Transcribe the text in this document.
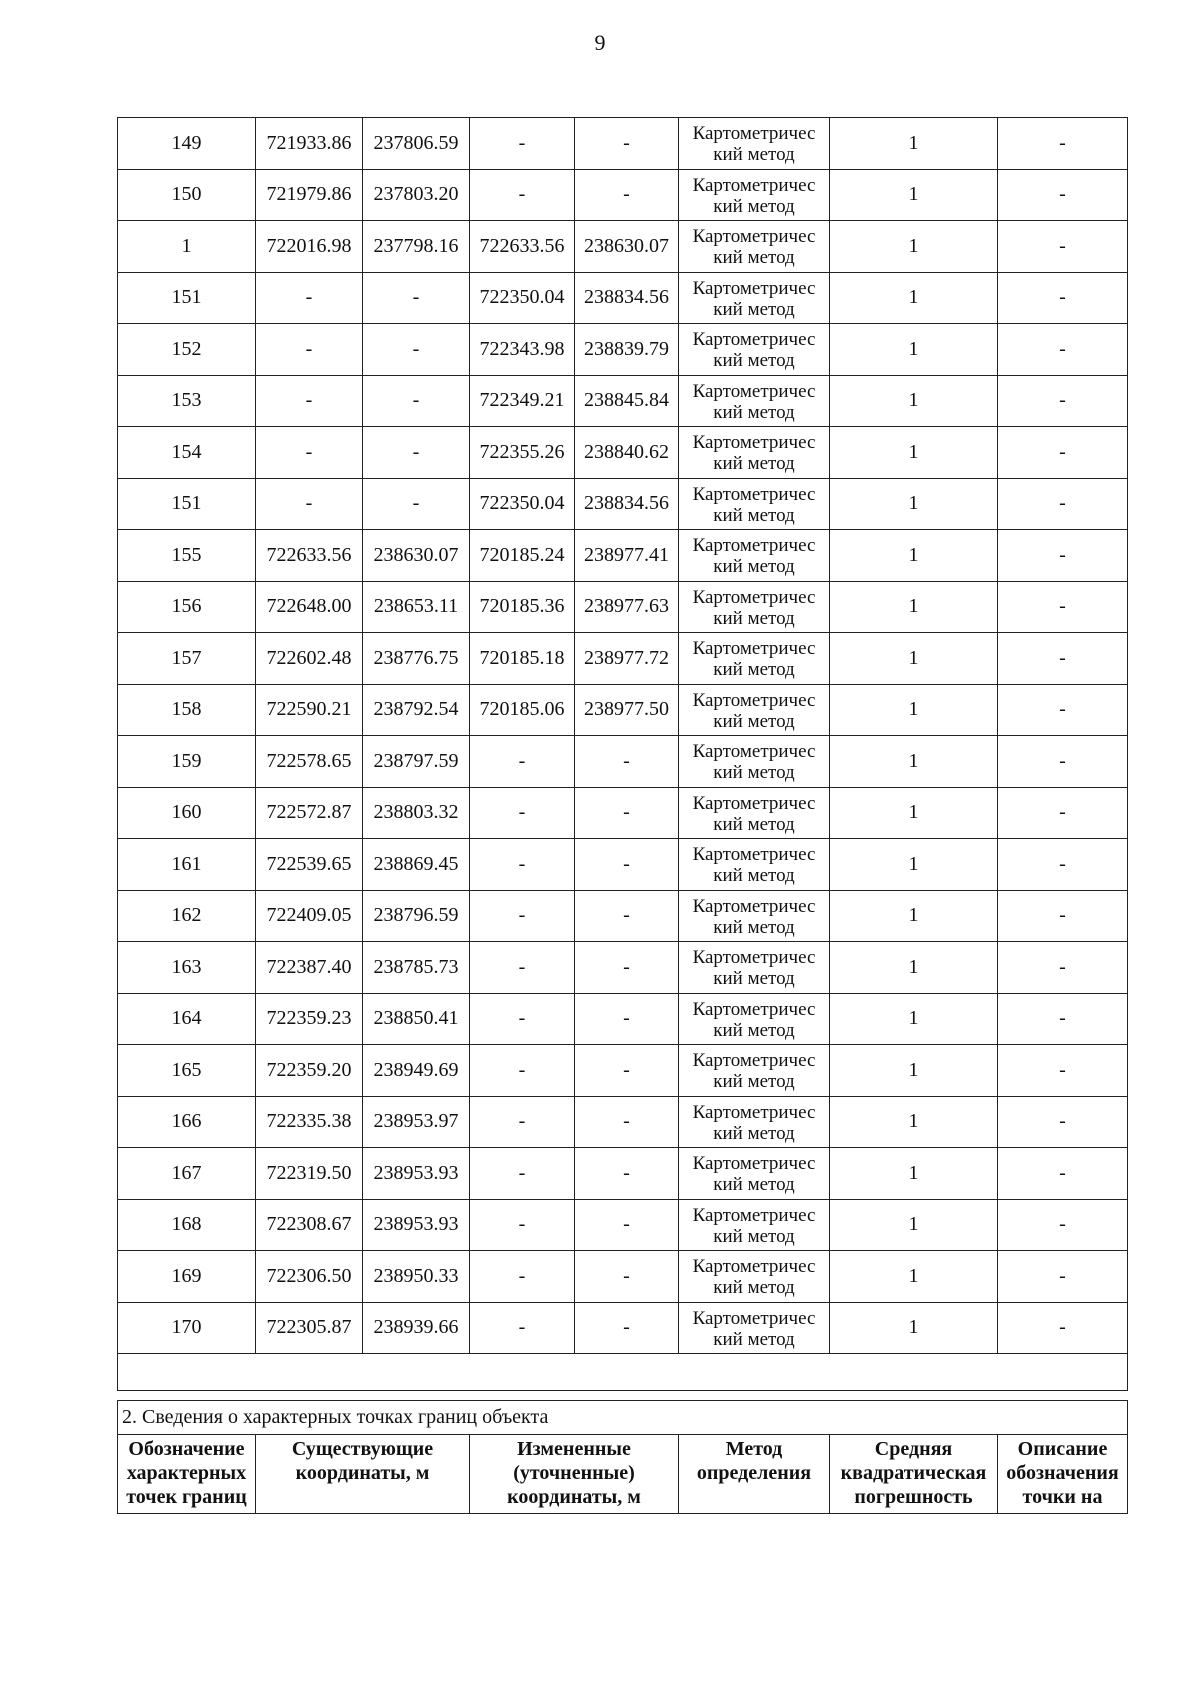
9
149	721933.86	237806.59	-	-	Картометричес кий метод	1	-
150	721979.86	237803.20	-	-	Картометричес кий метод	1	-
1	722016.98	237798.16	722633.56	238630.07	Картометричес кий метод	1	-
151	-	-	722350.04	238834.56	Картометричес кий метод	1	-
152	-	-	722343.98	238839.79	Картометричес кий метод	1	-
153	-	-	722349.21	238845.84	Картометричес кий метод	1	-
154	-	-	722355.26	238840.62	Картометричес кий метод	1	-
151	-	-	722350.04	238834.56	Картометричес кий метод	1	-
155	722633.56	238630.07	720185.24	238977.41	Картометричес кий метод	1	-
156	722648.00	238653.11	720185.36	238977.63	Картометричес кий метод	1	-
157	722602.48	238776.75	720185.18	238977.72	Картометричес кий метод	1	-
158	722590.21	238792.54	720185.06	238977.50	Картометричес кий метод	1	-
159	722578.65	238797.59	-	-	Картометричес кий метод	1	-
160	722572.87	238803.32	-	-	Картометричес кий метод	1	-
161	722539.65	238869.45	-	-	Картометричес кий метод	1	-
162	722409.05	238796.59	-	-	Картометричес кий метод	1	-
163	722387.40	238785.73	-	-	Картометричес кий метод	1	-
164	722359.23	238850.41	-	-	Картометричес кий метод	1	-
165	722359.20	238949.69	-	-	Картометричес кий метод	1	-
166	722335.38	238953.97	-	-	Картометричес кий метод	1	-
167	722319.50	238953.93	-	-	Картометричес кий метод	1	-
168	722308.67	238953.93	-	-	Картометричес кий метод	1	-
169	722306.50	238950.33	-	-	Картометричес кий метод	1	-
170	722305.87	238939.66	-	-	Картометричес кий метод	1	-

2. Сведения о характерных точках границ объекта
Обозначение характерных точек границ	Существующие координаты, м	Измененные (уточненные) координаты, м	Метод определения	Средняя квадратическая погрешность	Описание обозначения точки на
